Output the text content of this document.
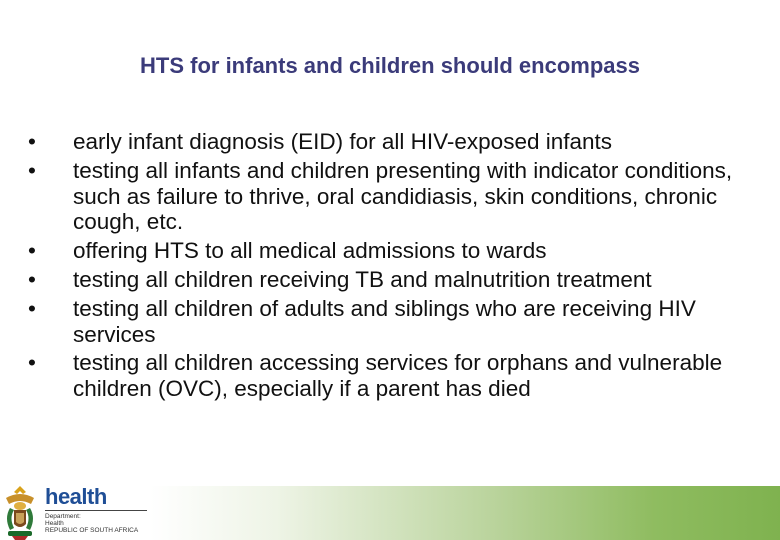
HTS for infants and children should encompass
• early infant diagnosis (EID) for all HIV-exposed infants
• testing all infants and children presenting with indicator conditions, such as failure to thrive, oral candidiasis, skin conditions, chronic cough, etc.
• offering HTS to all medical admissions to wards
• testing all children receiving TB and malnutrition treatment
• testing all children of adults and siblings who are receiving HIV services
• testing all children accessing services for orphans and vulnerable children (OVC), especially if a parent has died
health
Department:
Health
REPUBLIC OF SOUTH AFRICA
